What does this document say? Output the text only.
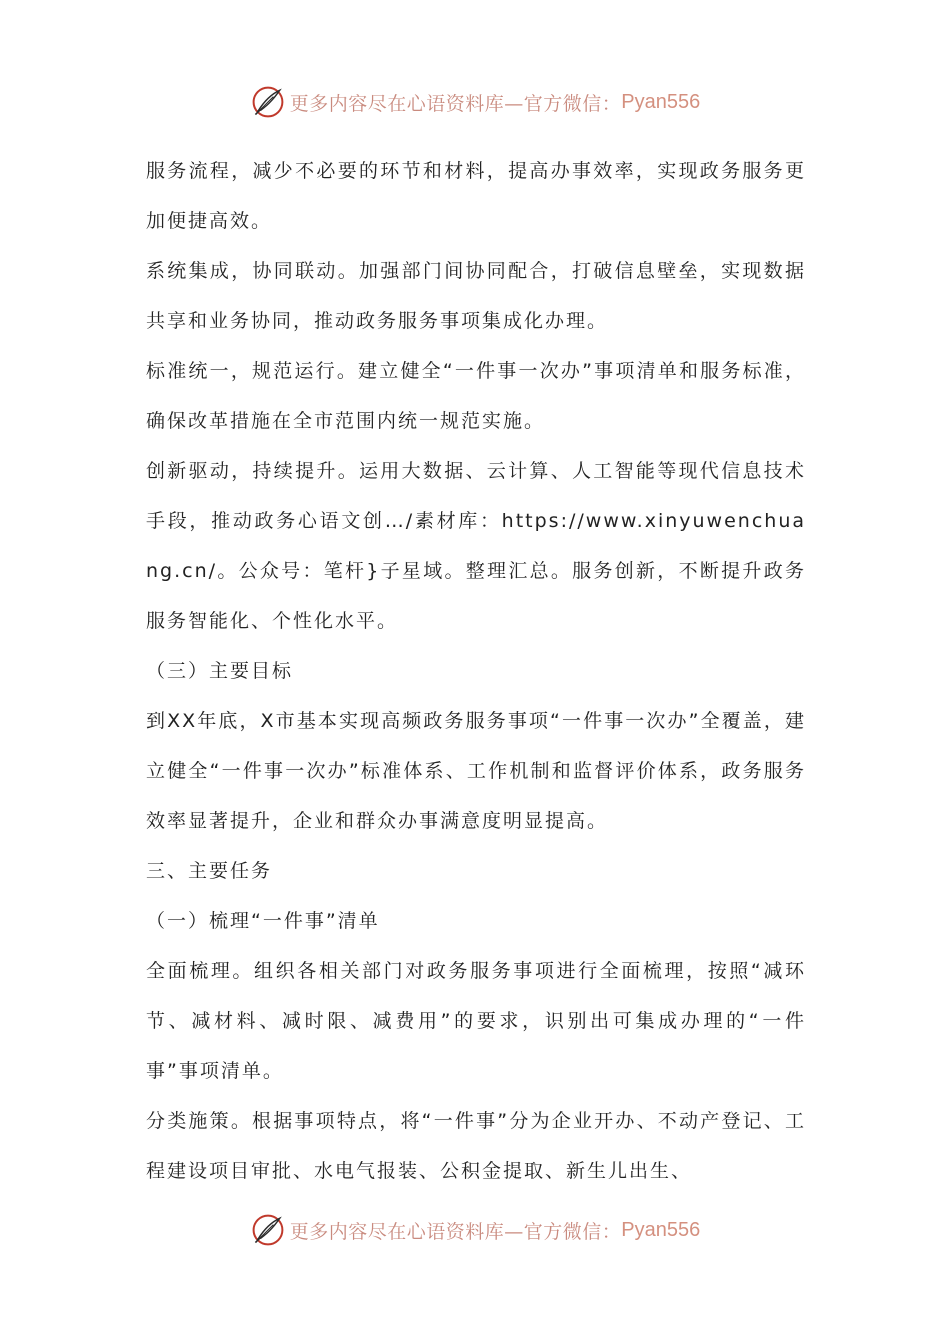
更多内容尽在心语资料库—官方微信： Pyan556

服务流程，减少不必要的环节和材料，提高办事效率，实现政务服务更加便捷高效。

系统集成，协同联动。加强部门间协同配合，打破信息壁垒，实现数据共享和业务协同，推动政务服务事项集成化办理。

标准统一，规范运行。建立健全“一件事一次办”事项清单和服务标准，确保改革措施在全市范围内统一规范实施。

创新驱动，持续提升。运用大数据、云计算、人工智能等现代信息技术手段，推动政务心语文创…/素材库：https://www.xinyuwenchuang.cn/。公众号：笔杆}子星域。整理汇总。服务创新，不断提升政务服务智能化、个性化水平。

（三）主要目标

到XX年底，X市基本实现高频政务服务事项“一件事一次办”全覆盖，建立健全“一件事一次办”标准体系、工作机制和监督评价体系，政务服务效率显著提升，企业和群众办事满意度明显提高。

三、主要任务

（一）梳理“一件事”清单

全面梳理。组织各相关部门对政务服务事项进行全面梳理，按照“减环节、减材料、减时限、减费用”的要求，识别出可集成办理的“一件事”事项清单。

分类施策。根据事项特点，将“一件事”分为企业开办、不动产登记、工程建设项目审批、水电气报装、公积金提取、新生儿出生、

更多内容尽在心语资料库—官方微信： Pyan556
